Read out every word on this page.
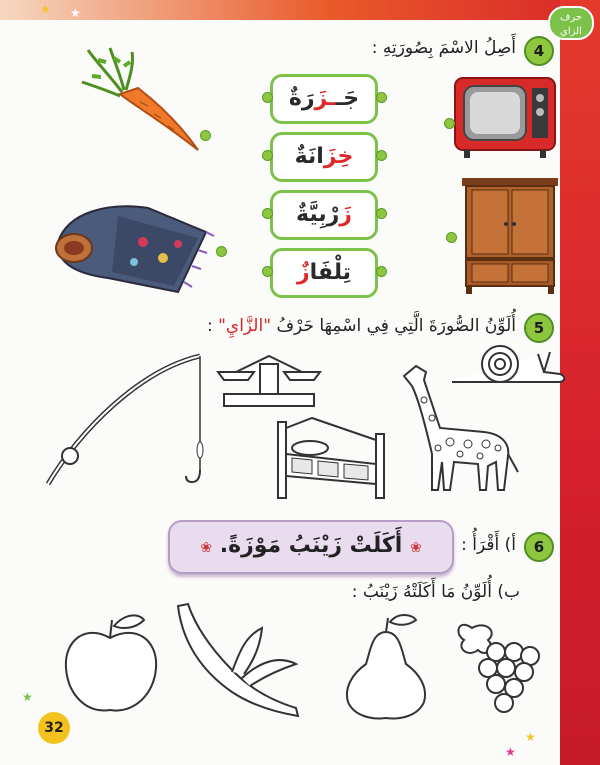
★ ★
★
★
★
حرف الزاي
4
أَصِلُ الاسْمَ بِصُورَتِهِ :
جَــزَرَةٌ
خِزَانَةٌ
زَرْبِيَّةٌ
تِلْفَازٌ
5
أُلَوِّنُ الصُّورَةَ الَّتِي فِي اسْمِهَا حَرْفُ "الزَّايِ" :
6
أ) أَقْرَأُ :
❀ أَكَلَتْ زَيْنَبُ مَوْزَةً. ❀
ب) أُلَوِّنُ مَا أَكَلَتْهُ زَيْنَبُ :
32
